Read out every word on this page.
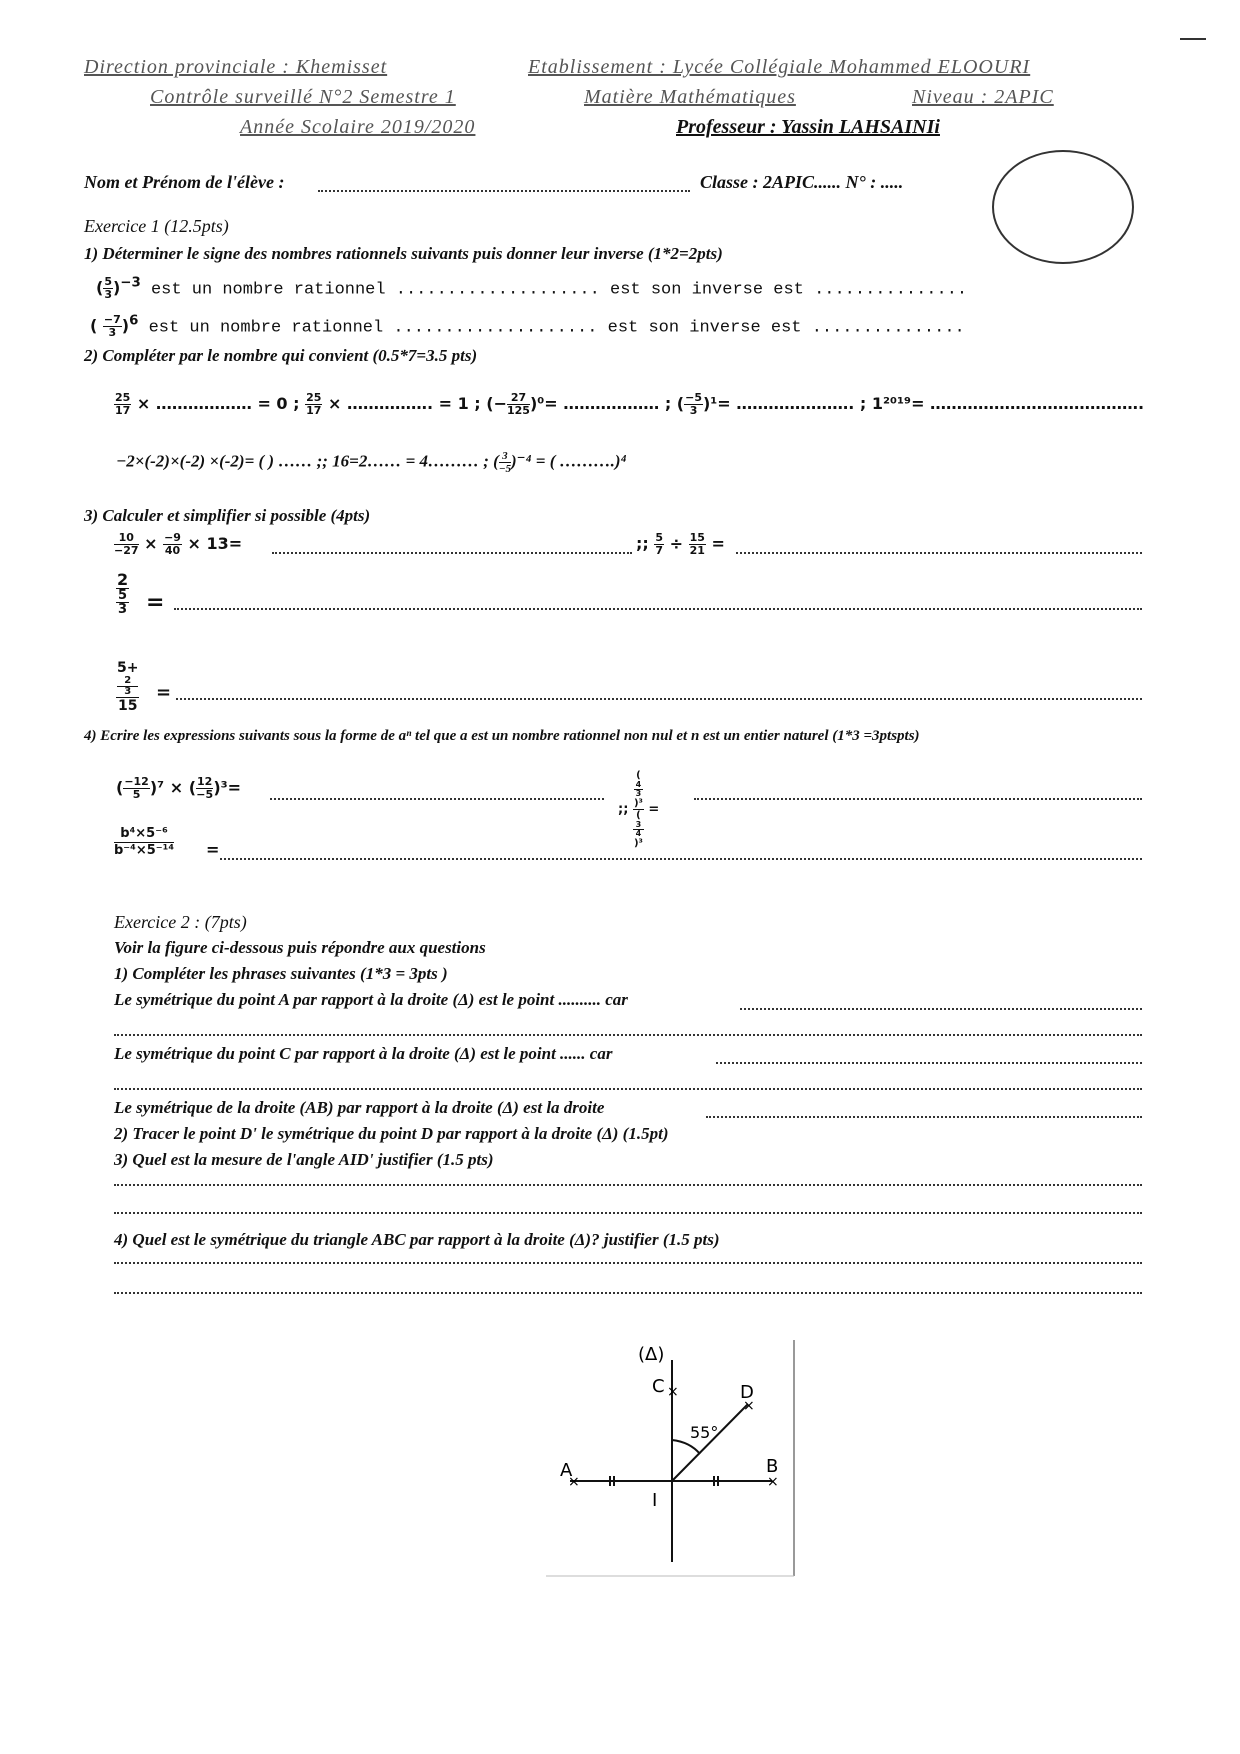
Direction provinciale : Khemisset	Etablissement : Lycée Collégiale Mohammed ELOOURI
Contrôle surveillé N°2 Semestre 1	Matière Mathématiques	Niveau : 2APIC
Année Scolaire 2019/2020	Professeur : Yassin LAHSAINIi
Nom et Prénom de l'élève :	Classe : 2APIC...... N° : .....
Exercice 1 (12.5pts)
1) Déterminer le signe des nombres rationnels suivants puis donner leur inverse (1*2=2pts)
( $\frac{5}{3} )^{-3}$ est un nombre rationnel .................... est son inverse est ...............
( $\frac{-7}{3} )^6$ est un nombre rationnel .................... est son inverse est ...............
2) Compléter par le nombre qui convient (0.5*7=3.5 pts)
$\frac{25}{17}$ × ……………… = 0 ; $\frac{25}{17}$ × ……………. = 1 ; (− $\frac{27}{125} )^0=$ ……………… ; ( $\frac{-5}{3} )^1=$ …………………. ; 1²⁰¹⁹= ………………………………….
−2×(-2)×(-2) ×(-2)= ( ) …… ;; 16=2…… = 4……… ; ( $\frac{3}{-5} )^{-4}$ = ( ……….)⁴
3) Calculer et simplifier si possible (4pts)
$\frac{10}{-27} \times \frac{-9}{40} \times 13=$	;; $\frac{5}{7} \div \frac{15}{21}$ =
2
5
3 =
5+
2
3
15 =
4) Ecrire les expressions suivants sous la forme de aⁿ tel que a est un nombre rationnel non nul et n est un entier naturel (1*3 =3ptspts)
( $\frac{-12}{5} )^7$ × ( $\frac{12}{-5} )^3=$
;; (
4
3
)³
(
3
4
)³ =
$\frac{\text{b⁴×5⁻⁶}}{\text{b⁻⁴×5⁻¹⁴}}$ =
Exercice 2 : (7pts)
Voir la figure ci-dessous puis répondre aux questions
1) Compléter les phrases suivantes (1*3 = 3pts )
Le symétrique du point A par rapport à la droite (Δ) est le point .......... car
Le symétrique du point C par rapport à la droite (Δ) est le point ...... car
Le symétrique de la droite (AB) par rapport à la droite (Δ) est la droite
2) Tracer le point D' le symétrique du point D par rapport à la droite (Δ) (1.5pt)
3) Quel est la mesure de l'angle AID' justifier (1.5 pts)
4) Quel est le symétrique du triangle ABC par rapport à la droite (Δ)? justifier (1.5 pts)
×	×
×
×
(Δ)
C	D
55°
A	B
I
